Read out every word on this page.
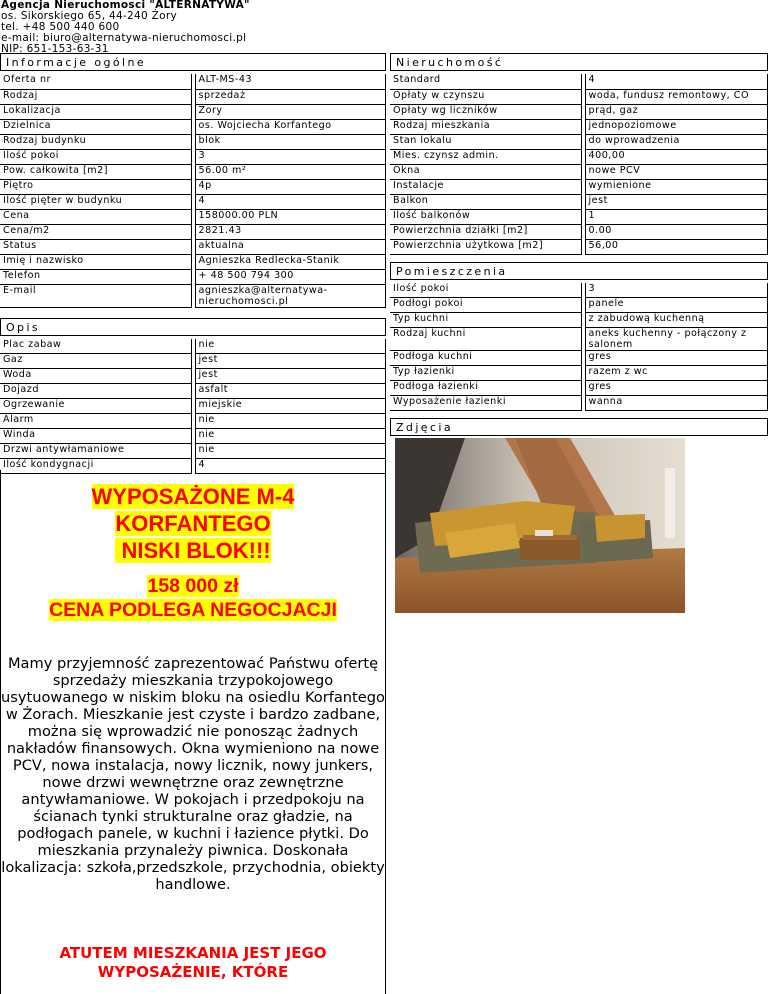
Agencja Nieruchomosci "ALTERNATYWA"
os. Sikorskiego 65, 44-240 Żory
tel. +48 500 440 600
e-mail: biuro@alternatywa-nieruchomosci.pl
NIP: 651-153-63-31
Informacje ogólne
Oferta nr		ALT-MS-43
Rodzaj		sprzedaż
Lokalizacja		Żory
Dzielnica		os. Wojciecha Korfantego
Rodzaj budynku		blok
Ilość pokoi		3
Pow. całkowita [m2]		56.00 m²
Piętro		4p
Ilość pięter w budynku		4
Cena		158000.00 PLN
Cena/m2		2821.43
Status		aktualna
Imię i nazwisko		Agnieszka Redlecka-Stanik
Telefon		+ 48 500 794 300
E-mail		agnieszka@alternatywa-nieruchomosci.pl
Opis
Plac zabaw		nie
Gaz		jest
Woda		jest
Dojazd		asfalt
Ogrzewanie		miejskie
Alarm		nie
Winda		nie
Drzwi antywłamaniowe		nie
Ilość kondygnacji		4
Nieruchomość
Standard		4
Opłaty w czynszu		woda, fundusz remontowy, CO
Opłaty wg liczników		prąd, gaz
Rodzaj mieszkania		jednopoziomowe
Stan lokalu		do wprowadzenia
Mies. czynsz admin.		400,00
Okna		nowe PCV
Instalacje		wymienione
Balkon		jest
Ilość balkonów		1
Powierzchnia działki [m2]		0.00
Powierzchnia użytkowa [m2]		56,00
Pomieszczenia
Ilość pokoi		3
Podłogi pokoi		panele
Typ kuchni		z zabudową kuchenną
Rodzaj kuchni		aneks kuchenny - połączony z salonem
Podłoga kuchni		gres
Typ łazienki		razem z wc
Podłoga łazienki		gres
Wyposażenie łazienki		wanna
Zdjęcia
WYPOSAŻONE M-4
KORFANTEGO
NISKI BLOK!!!
158 000 zł
CENA PODLEGA NEGOCJACJI
Mamy przyjemność zaprezentować Państwu ofertę sprzedaży mieszkania trzypokojowego usytuowanego w niskim bloku na osiedlu Korfantego w Żorach. Mieszkanie jest czyste i bardzo zadbane, można się wprowadzić nie ponosząc żadnych nakładów finansowych. Okna wymieniono na nowe PCV, nowa instalacja, nowy licznik, nowy junkers, nowe drzwi wewnętrzne oraz zewnętrzne antywłamaniowe. W pokojach i przedpokoju na ścianach tynki strukturalne oraz gładzie, na podłogach panele, w kuchni i łazience płytki. Do mieszkania przynależy piwnica. Doskonała lokalizacja: szkoła,przedszkole, przychodnia, obiekty handlowe.
ATUTEM MIESZKANIA JEST JEGO WYPOSAŻENIE, KTÓRE
